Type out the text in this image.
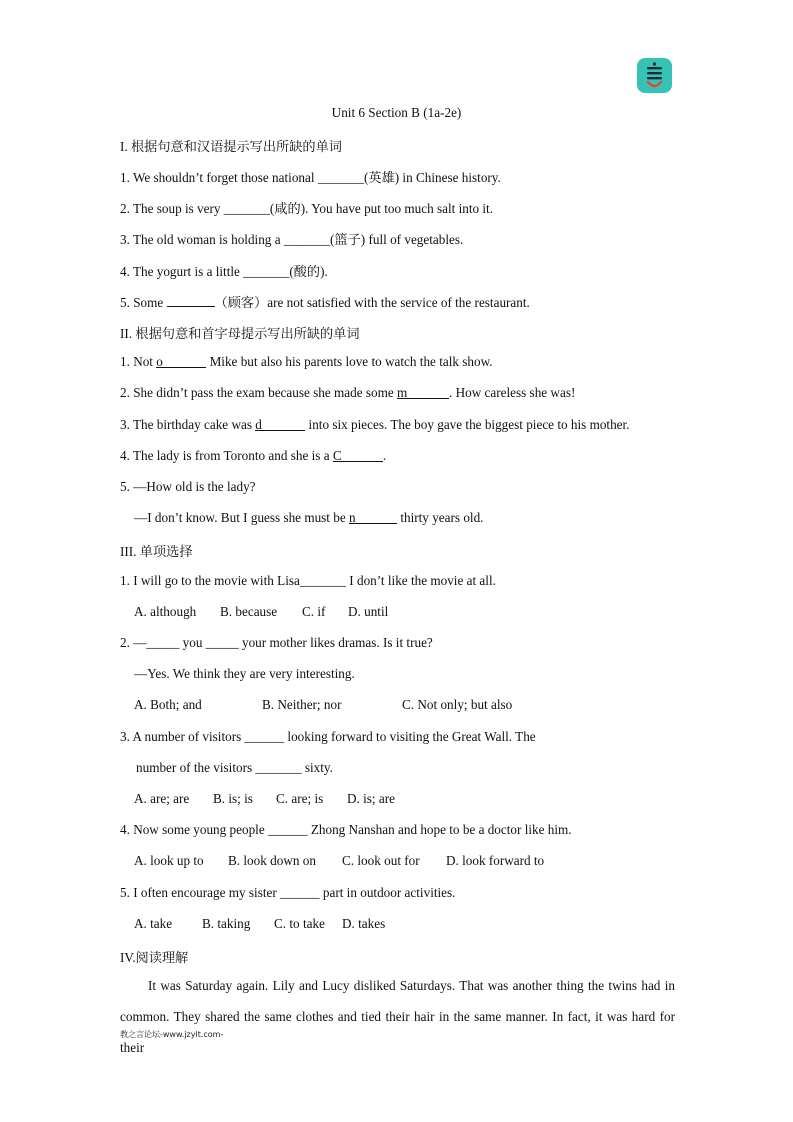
Unit 6 Section B (1a-2e)
I. 根据句意和汉语提示写出所缺的单词
1. We shouldn’t forget those national _______(英雄) in Chinese history.
2. The soup is very _______(咸的). You have put too much salt into it.
3. The old woman is holding a _______(篮子) full of vegetables.
4. The yogurt is a little _______(酸的).
5. Some	（顾客）are not satisfied with the service of the restaurant.
II. 根据句意和首字母提示写出所缺的单词
1. Not o	Mike but also his parents love to watch the talk show.
2. She didn’t pass the exam because she made some m	. How careless she was!
3. The birthday cake was d	into six pieces. The boy gave the biggest piece to his mother.
4. The lady is from Toronto and she is a C	.
5. —How old is the lady?
—I don’t know. But I guess she must be n	thirty years old.
III. 单项选择
1. I will go to the movie with Lisa_______ I don’t like the movie at all.
A. although B. because C. if D. until
2. —_____ you _____ your mother likes dramas. Is it true?
—Yes. We think they are very interesting.
A. Both; and	B. Neither; nor	C. Not only; but also
3. A number of visitors ______ looking forward to visiting the Great Wall. The
number of the visitors _______ sixty.
A. are; are B. is; is C. are; is D. is; are
4. Now some young people ______ Zhong Nanshan and hope to be a doctor like him.
A. look up to B. look down on C. look out for D. look forward to
5. I often encourage my sister ______ part in outdoor activities.
A. take B. taking C. to take D. takes
IV.阅读理解
It was Saturday again. Lily and Lucy disliked Saturdays. That was another thing the twins had in common. They shared the same clothes and tied their hair in the same manner. In fact, it was hard for their
教之言论坛-www.jzylt.com-
